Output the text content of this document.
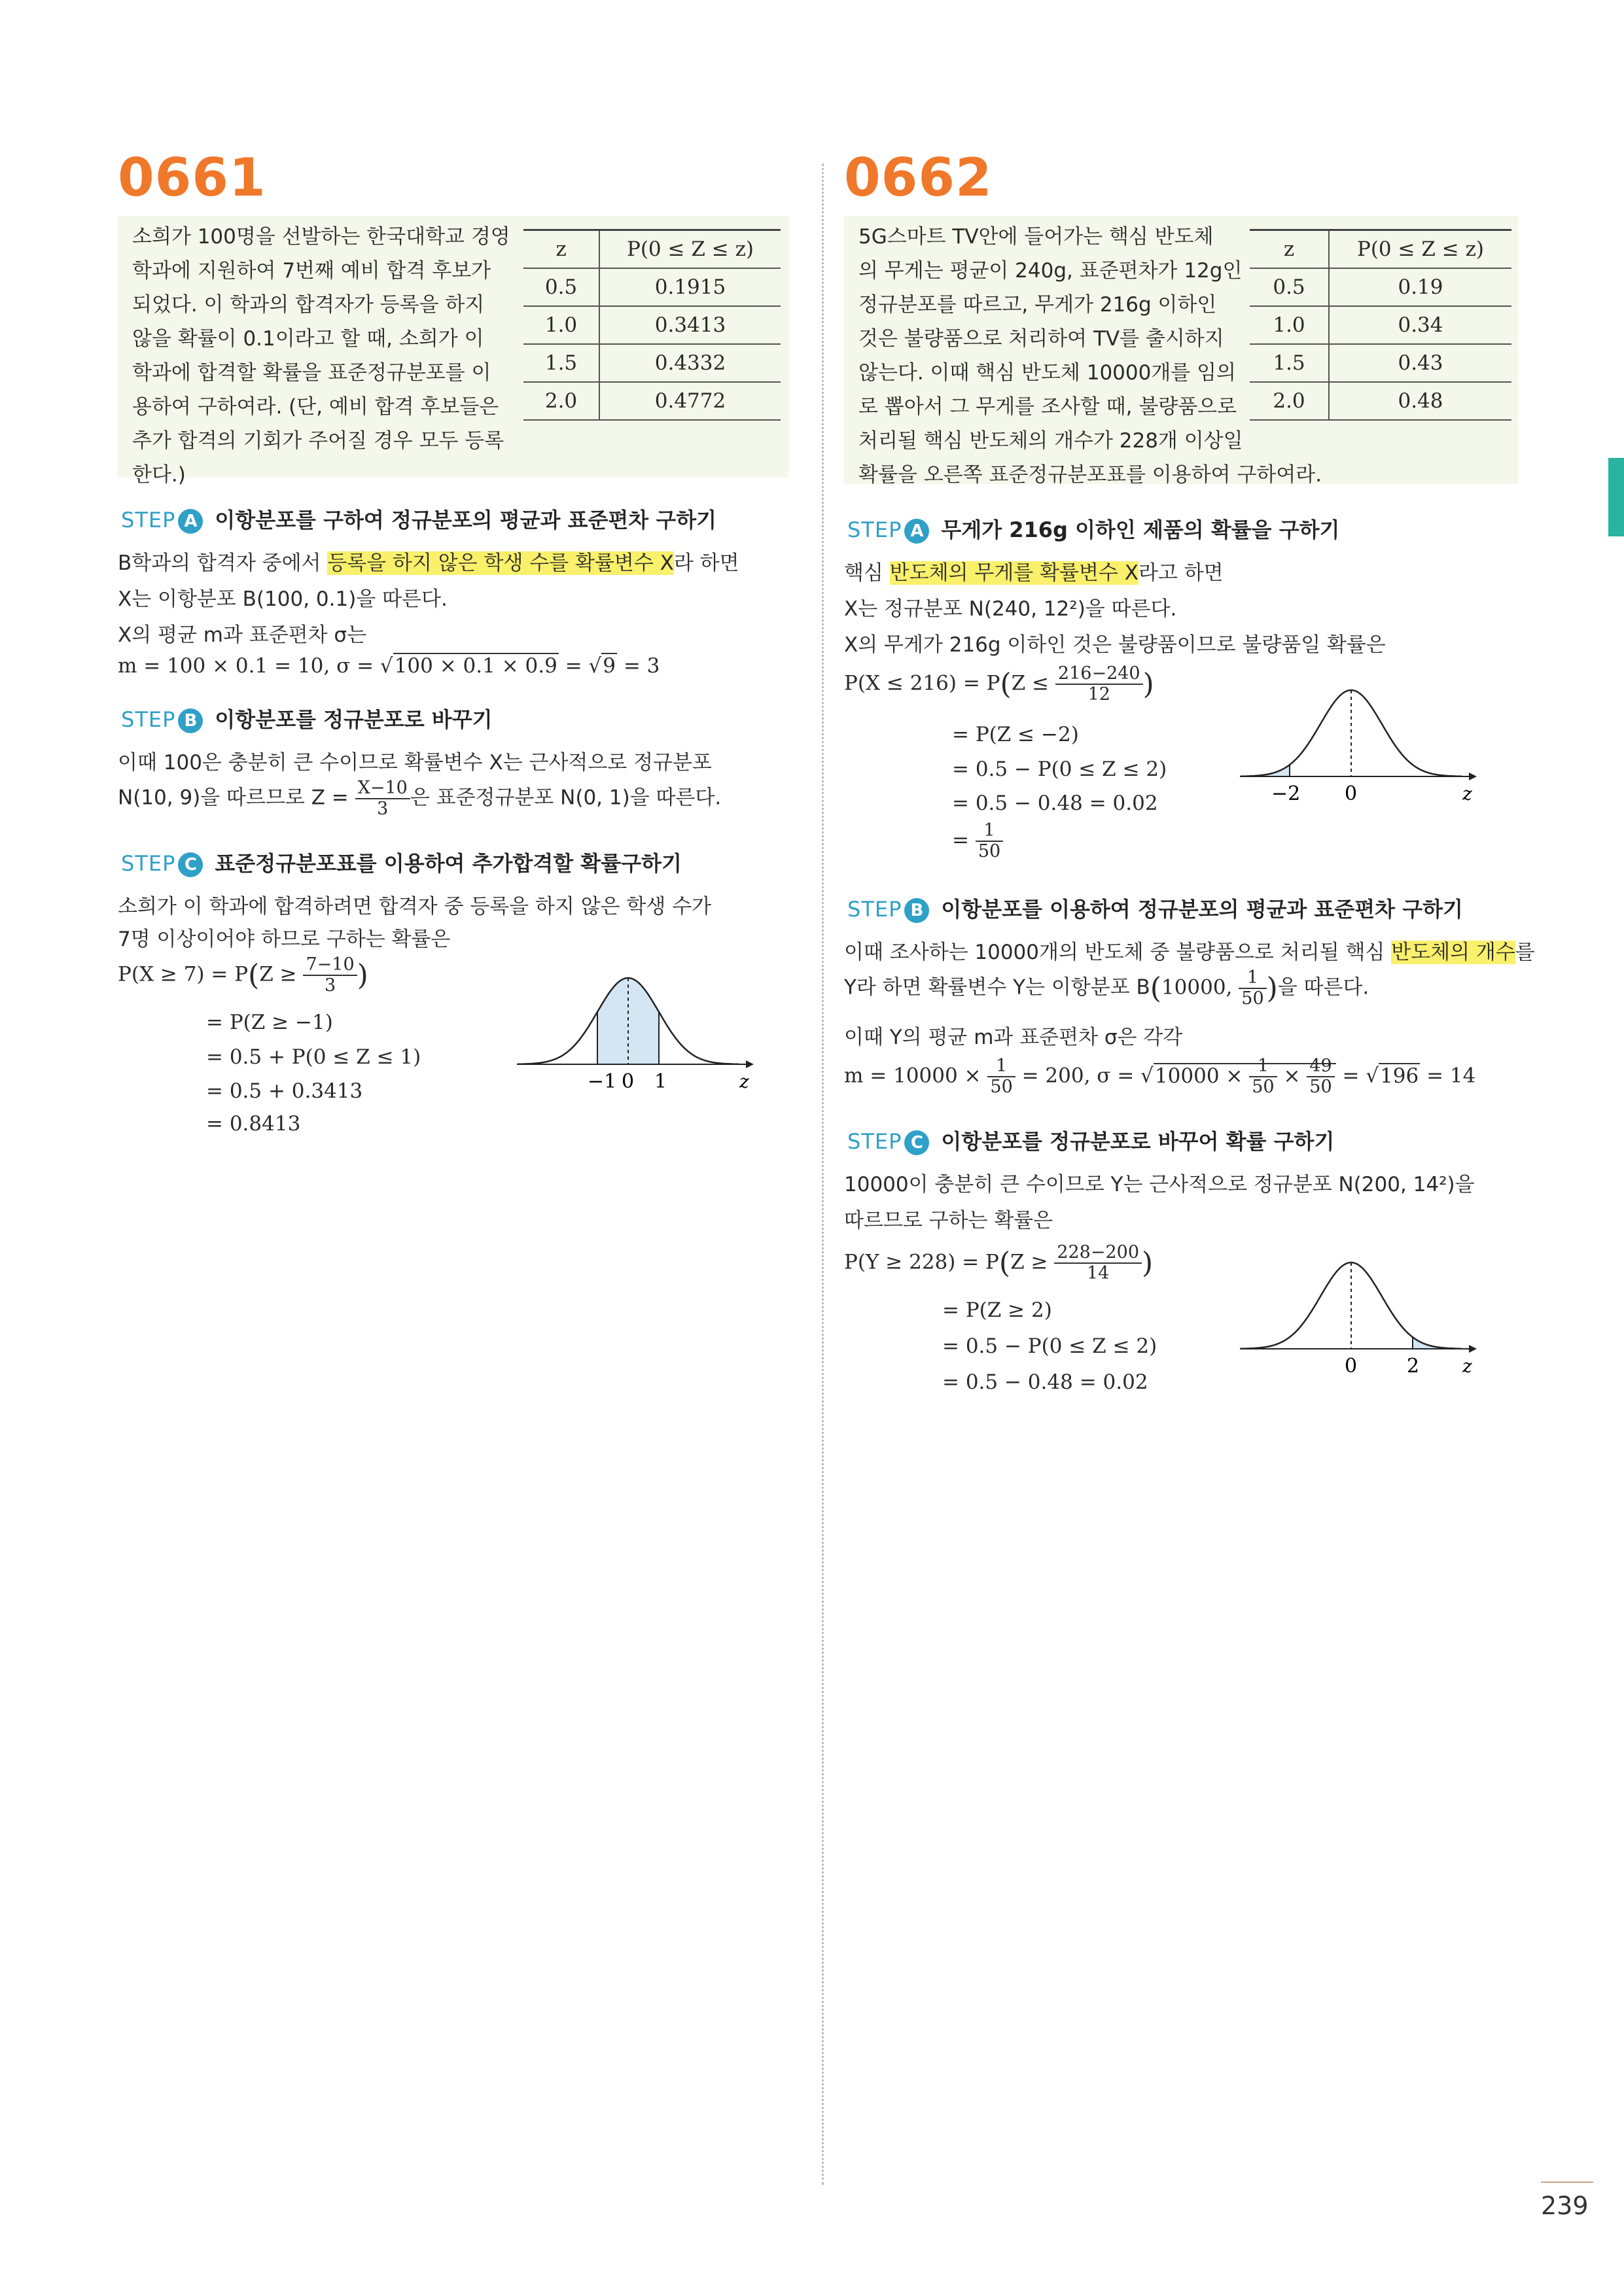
0661
소희가 100명을 선발하는 한국대학교 경영
학과에 지원하여 7번째 예비 합격 후보가
되었다. 이 학과의 합격자가 등록을 하지
않을 확률이 0.1이라고 할 때, 소희가 이
학과에 합격할 확률을 표준정규분포를 이
용하여 구하여라. (단, 예비 합격 후보들은
추가 합격의 기회가 주어질 경우 모두 등록
한다.)
z	P(0 ≤ Z ≤ z)
0.5	0.1915
1.0	0.3413
1.5	0.4332
2.0	0.4772
STEP A 이항분포를 구하여 정규분포의 평균과 표준편차 구하기
B학과의 합격자 중에서 등록을 하지 않은 학생 수를 확률변수 X라 하면
X는 이항분포 B(100, 0.1)을 따른다.
X의 평균 m과 표준편차 σ는
m = 100 × 0.1 = 10, σ = √100 × 0.1 × 0.9 = √9 = 3
STEP B 이항분포를 정규분포로 바꾸기
이때 100은 충분히 큰 수이므로 확률변수 X는 근사적으로 정규분포
N(10, 9)을 따르므로 $Z = \frac{X-10}{3}$ 은 표준정규분포 N(0, 1)을 따른다.
STEP C 표준정규분포표를 이용하여 추가합격할 확률구하기
소희가 이 학과에 합격하려면 합격자 중 등록을 하지 않은 학생 수가
7명 이상이어야 하므로 구하는 확률은
$P(X \ge 7) = P(Z \ge \frac{7-10}{3}$ )
= P(Z ≥ −1)
= 0.5 + P(0 ≤ Z ≤ 1)
= 0.5 + 0.3413
= 0.8413
−1 0 1	z
0662
5G스마트 TV안에 들어가는 핵심 반도체
의 무게는 평균이 240g, 표준편차가 12g인
정규분포를 따르고, 무게가 216g 이하인
것은 불량품으로 처리하여 TV를 출시하지
않는다. 이때 핵심 반도체 10000개를 임의
로 뽑아서 그 무게를 조사할 때, 불량품으로
처리될 핵심 반도체의 개수가 228개 이상일
확률을 오른쪽 표준정규분포표를 이용하여 구하여라.
z	P(0 ≤ Z ≤ z)
0.5	0.19
1.0	0.34
1.5	0.43
2.0	0.48
STEP A 무게가 216g 이하인 제품의 확률을 구하기
핵심 반도체의 무게를 확률변수 X라고 하면
X는 정규분포 N(240, 12²)을 따른다.
X의 무게가 216g 이하인 것은 불량품이므로 불량품일 확률은
$P(X \le 216) = P(Z \le \frac{216-240}{12}$ )
= P(Z ≤ −2)
= 0.5 − P(0 ≤ Z ≤ 2)
= 0.5 − 0.48 = 0.02
= $\frac{1}{50}$
−2 0	z
STEP B 이항분포를 이용하여 정규분포의 평균과 표준편차 구하기
이때 조사하는 10000개의 반도체 중 불량품으로 처리될 핵심 반도체의 개수를
Y라 하면 확률변수 Y는 이항분포 B(10000, $\frac{1}{50}$ )을 따른다.
이때 Y의 평균 m과 표준편차 σ은 각각
$m = 10000 \times \frac{1}{50} = 200$, $\sigma = √10000 \times \frac{1}{50} \times \frac{49}{50} = √196 = 14$
STEP C 이항분포를 정규분포로 바꾸어 확률 구하기
10000이 충분히 큰 수이므로 Y는 근사적으로 정규분포 N(200, 14²)을
따르므로 구하는 확률은
$P(Y \ge 228) = P(Z \ge \frac{228-200}{14}$ )
= P(Z ≥ 2)
= 0.5 − P(0 ≤ Z ≤ 2)
= 0.5 − 0.48 = 0.02
0	2 z
239
